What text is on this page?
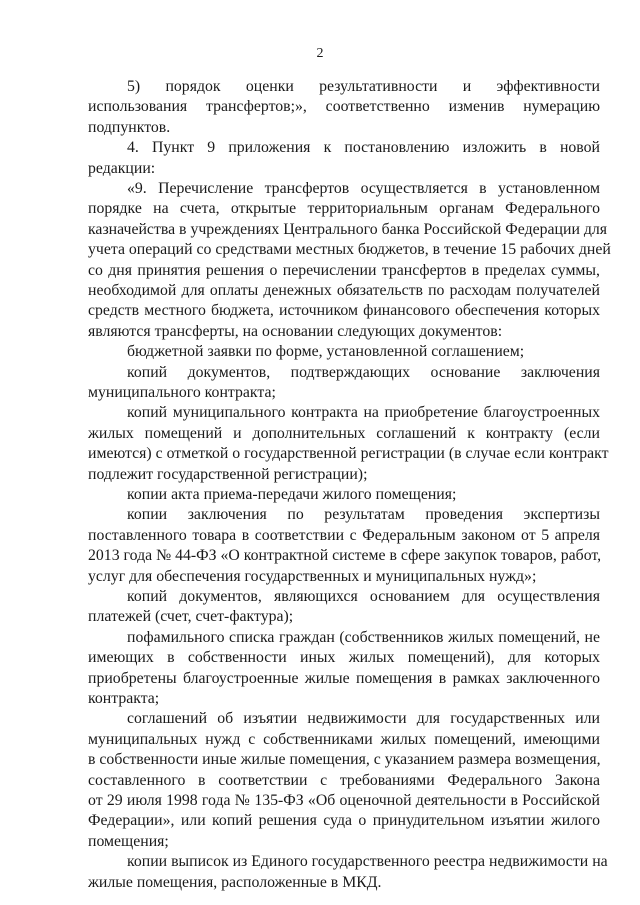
2
5)    порядок    оценки    результативности    и    эффективности
использования трансфертов;», соответственно изменив нумерацию
подпунктов.
4. Пункт 9 приложения к постановлению изложить в новой
редакции:
«9. Перечисление трансфертов осуществляется в установленном
порядке на счета, открытые территориальным органам Федерального
казначейства в учреждениях Центрального банка Российской Федерации для
учета операций со средствами местных бюджетов, в течение 15 рабочих дней
со дня принятия решения о перечислении трансфертов в пределах суммы,
необходимой для оплаты денежных обязательств по расходам получателей
средств местного бюджета, источником финансового обеспечения которых
являются трансферты, на основании следующих документов:
бюджетной заявки по форме, установленной соглашением;
копий документов, подтверждающих основание заключения
муниципального контракта;
копий муниципального контракта на приобретение благоустроенных
жилых помещений и дополнительных соглашений к контракту (если
имеются) с отметкой о государственной регистрации (в случае если контракт
подлежит государственной регистрации);
копии акта приема-передачи жилого помещения;
копии заключения по результатам проведения экспертизы
поставленного товара в соответствии с Федеральным законом от 5 апреля
2013 года № 44-ФЗ «О контрактной системе в сфере закупок товаров, работ,
услуг для обеспечения государственных и муниципальных нужд»;
копий документов, являющихся основанием для осуществления
платежей (счет, счет-фактура);
пофамильного списка граждан (собственников жилых помещений, не
имеющих в собственности иных жилых помещений), для которых
приобретены благоустроенные жилые помещения в рамках заключенного
контракта;
соглашений об изъятии недвижимости для государственных или
муниципальных нужд с собственниками жилых помещений, имеющими
в собственности иные жилые помещения, с указанием размера возмещения,
составленного в соответствии с требованиями Федерального Закона
от 29 июля 1998 года № 135-ФЗ «Об оценочной деятельности в Российской
Федерации», или копий решения суда о принудительном изъятии жилого
помещения;
копии выписок из Единого государственного реестра недвижимости на
жилые помещения, расположенные в МКД.
